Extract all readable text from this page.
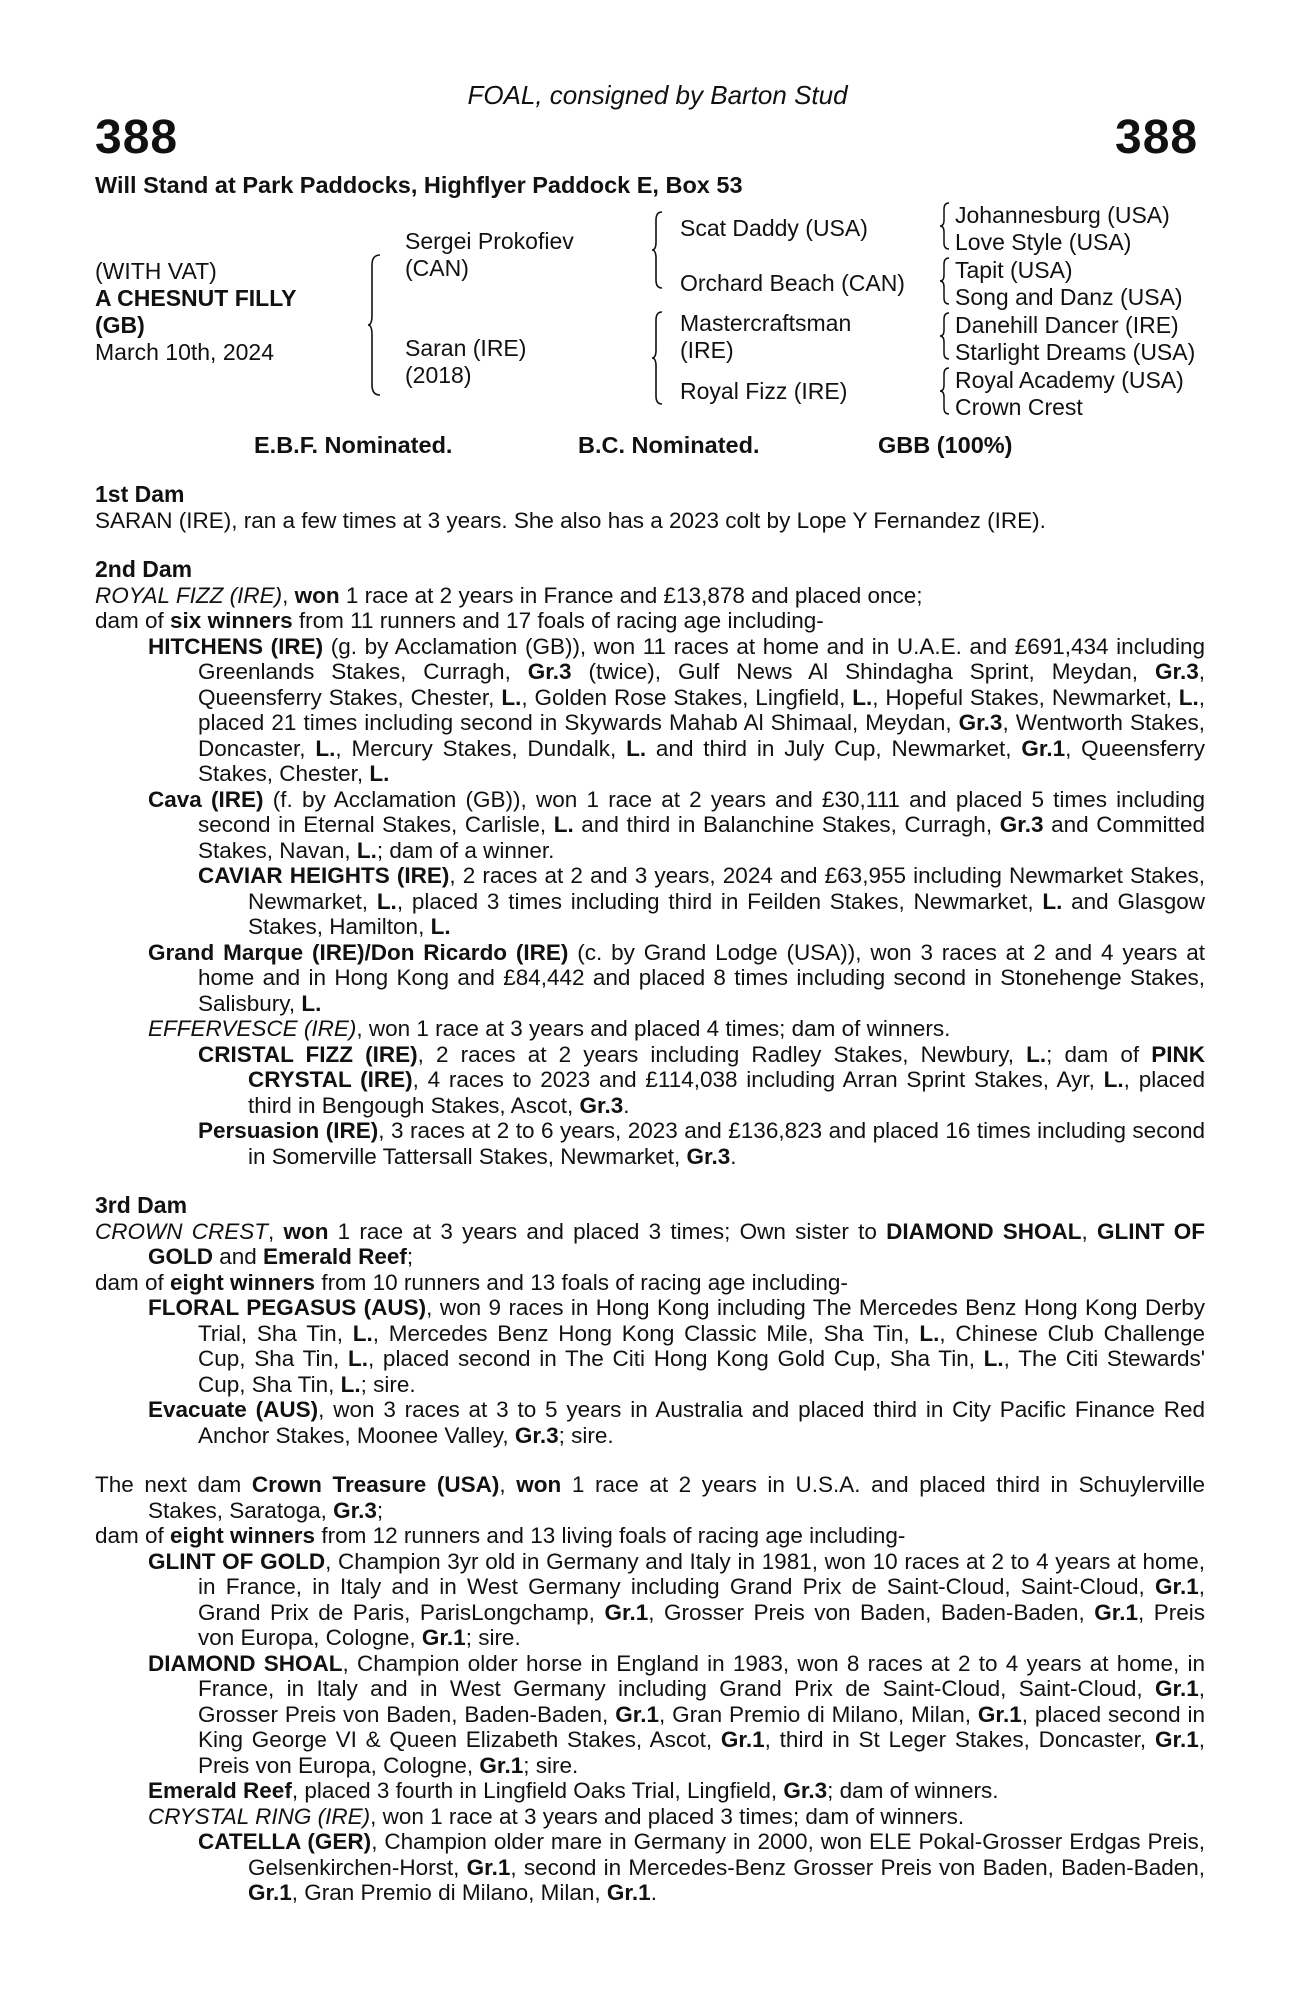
FOAL, consigned by Barton Stud
388	388
Will Stand at Park Paddocks, Highflyer Paddock E, Box 53
(WITH VAT)
A CHESNUT FILLY
(GB)
March 10th, 2024
Sergei Prokofiev
(CAN)
Saran (IRE)
(2018)
Scat Daddy (USA)
Orchard Beach (CAN)
Mastercraftsman
(IRE)
Royal Fizz (IRE)
Johannesburg (USA)
Love Style (USA)
Tapit (USA)
Song and Danz (USA)
Danehill Dancer (IRE)
Starlight Dreams (USA)
Royal Academy (USA)
Crown Crest
E.B.F. Nominated.	B.C. Nominated.	GBB (100%)

1st Dam

SARAN (IRE), ran a few times at 3 years. She also has a 2023 colt by Lope Y Fernandez (IRE).

2nd Dam

ROYAL FIZZ (IRE), won 1 race at 2 years in France and £13,878 and placed once;

dam of six winners from 11 runners and 17 foals of racing age including-

HITCHENS (IRE) (g. by Acclamation (GB)), won 11 races at home and in U.A.E. and £691,434 including Greenlands Stakes, Curragh, Gr.3 (twice), Gulf News Al Shindagha Sprint, Meydan, Gr.3, Queensferry Stakes, Chester, L., Golden Rose Stakes, Lingfield, L., Hopeful Stakes, Newmarket, L., placed 21 times including second in Skywards Mahab Al Shimaal, Meydan, Gr.3, Wentworth Stakes, Doncaster, L., Mercury Stakes, Dundalk, L. and third in July Cup, Newmarket, Gr.1, Queensferry Stakes, Chester, L.

Cava (IRE) (f. by Acclamation (GB)), won 1 race at 2 years and £30,111 and placed 5 times including second in Eternal Stakes, Carlisle, L. and third in Balanchine Stakes, Curragh, Gr.3 and Committed Stakes, Navan, L.; dam of a winner.

CAVIAR HEIGHTS (IRE), 2 races at 2 and 3 years, 2024 and £63,955 including Newmarket Stakes, Newmarket, L., placed 3 times including third in Feilden Stakes, Newmarket, L. and Glasgow Stakes, Hamilton, L.

Grand Marque (IRE)/Don Ricardo (IRE) (c. by Grand Lodge (USA)), won 3 races at 2 and 4 years at home and in Hong Kong and £84,442 and placed 8 times including second in Stonehenge Stakes, Salisbury, L.

EFFERVESCE (IRE), won 1 race at 3 years and placed 4 times; dam of winners.

CRISTAL FIZZ (IRE), 2 races at 2 years including Radley Stakes, Newbury, L.; dam of PINK CRYSTAL (IRE), 4 races to 2023 and £114,038 including Arran Sprint Stakes, Ayr, L., placed third in Bengough Stakes, Ascot, Gr.3.

Persuasion (IRE), 3 races at 2 to 6 years, 2023 and £136,823 and placed 16 times including second in Somerville Tattersall Stakes, Newmarket, Gr.3.

3rd Dam

CROWN CREST, won 1 race at 3 years and placed 3 times; Own sister to DIAMOND SHOAL, GLINT OF GOLD and Emerald Reef;

dam of eight winners from 10 runners and 13 foals of racing age including-

FLORAL PEGASUS (AUS), won 9 races in Hong Kong including The Mercedes Benz Hong Kong Derby Trial, Sha Tin, L., Mercedes Benz Hong Kong Classic Mile, Sha Tin, L., Chinese Club Challenge Cup, Sha Tin, L., placed second in The Citi Hong Kong Gold Cup, Sha Tin, L., The Citi Stewards' Cup, Sha Tin, L.; sire.

Evacuate (AUS), won 3 races at 3 to 5 years in Australia and placed third in City Pacific Finance Red Anchor Stakes, Moonee Valley, Gr.3; sire.

The next dam Crown Treasure (USA), won 1 race at 2 years in U.S.A. and placed third in Schuylerville Stakes, Saratoga, Gr.3;

dam of eight winners from 12 runners and 13 living foals of racing age including-

GLINT OF GOLD, Champion 3yr old in Germany and Italy in 1981, won 10 races at 2 to 4 years at home, in France, in Italy and in West Germany including Grand Prix de Saint-Cloud, Saint-Cloud, Gr.1, Grand Prix de Paris, ParisLongchamp, Gr.1, Grosser Preis von Baden, Baden-Baden, Gr.1, Preis von Europa, Cologne, Gr.1; sire.

DIAMOND SHOAL, Champion older horse in England in 1983, won 8 races at 2 to 4 years at home, in France, in Italy and in West Germany including Grand Prix de Saint-Cloud, Saint-Cloud, Gr.1, Grosser Preis von Baden, Baden-Baden, Gr.1, Gran Premio di Milano, Milan, Gr.1, placed second in King George VI & Queen Elizabeth Stakes, Ascot, Gr.1, third in St Leger Stakes, Doncaster, Gr.1, Preis von Europa, Cologne, Gr.1; sire.

Emerald Reef, placed 3 fourth in Lingfield Oaks Trial, Lingfield, Gr.3; dam of winners.

CRYSTAL RING (IRE), won 1 race at 3 years and placed 3 times; dam of winners.

CATELLA (GER), Champion older mare in Germany in 2000, won ELE Pokal-Grosser Erdgas Preis, Gelsenkirchen-Horst, Gr.1, second in Mercedes-Benz Grosser Preis von Baden, Baden-Baden, Gr.1, Gran Premio di Milano, Milan, Gr.1.
